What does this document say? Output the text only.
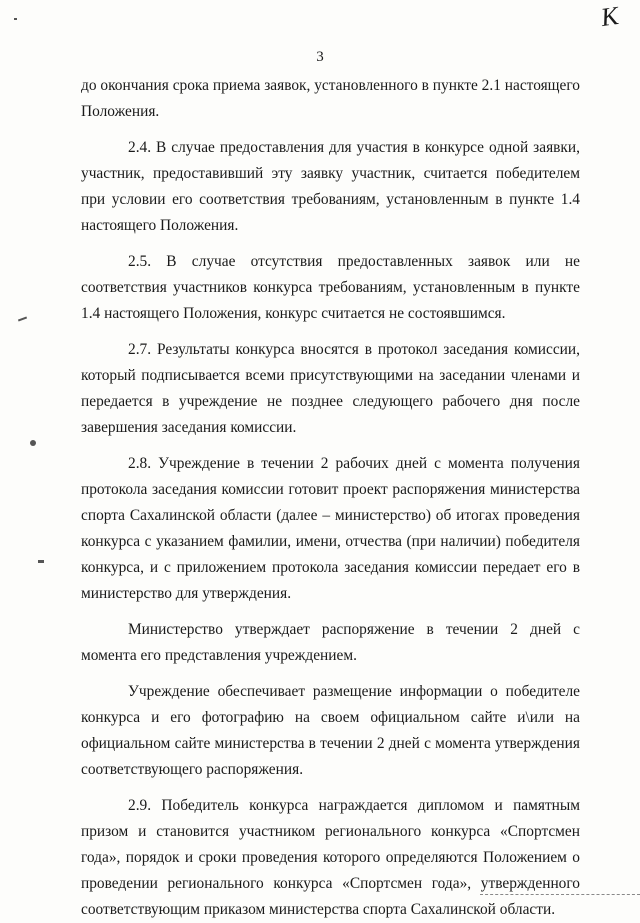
K
3

до окончания срока приема заявок, установленного в пункте 2.1 настоящего Положения.

2.4. В случае предоставления для участия в конкурсе одной заявки, участник, предоставивший эту заявку участник, считается победителем при условии его соответствия требованиям, установленным в пункте 1.4 настоящего Положения.

2.5. В случае отсутствия предоставленных заявок или не соответствия участников конкурса требованиям, установленным в пункте 1.4 настоящего Положения, конкурс считается не состоявшимся.

2.7. Результаты конкурса вносятся в протокол заседания комиссии, который подписывается всеми присутствующими на заседании членами и передается в учреждение не позднее следующего рабочего дня после завершения заседания комиссии.

2.8. Учреждение в течении 2 рабочих дней с момента получения протокола заседания комиссии готовит проект распоряжения министерства спорта Сахалинской области (далее – министерство) об итогах проведения конкурса с указанием фамилии, имени, отчества (при наличии) победителя конкурса, и с приложением протокола заседания комиссии передает его в министерство для утверждения.

Министерство утверждает распоряжение в течении 2 дней с момента его представления учреждением.

Учреждение обеспечивает размещение информации о победителе конкурса и его фотографию на своем официальном сайте и\или на официальном сайте министерства в течении 2 дней с момента утверждения соответствующего распоряжения.

2.9. Победитель конкурса награждается дипломом и памятным призом и становится участником регионального конкурса «Спортсмен года», порядок и сроки проведения которого определяются Положением о проведении регионального конкурса «Спортсмен года», утвержденного соответствующим приказом министерства спорта Сахалинской области.
